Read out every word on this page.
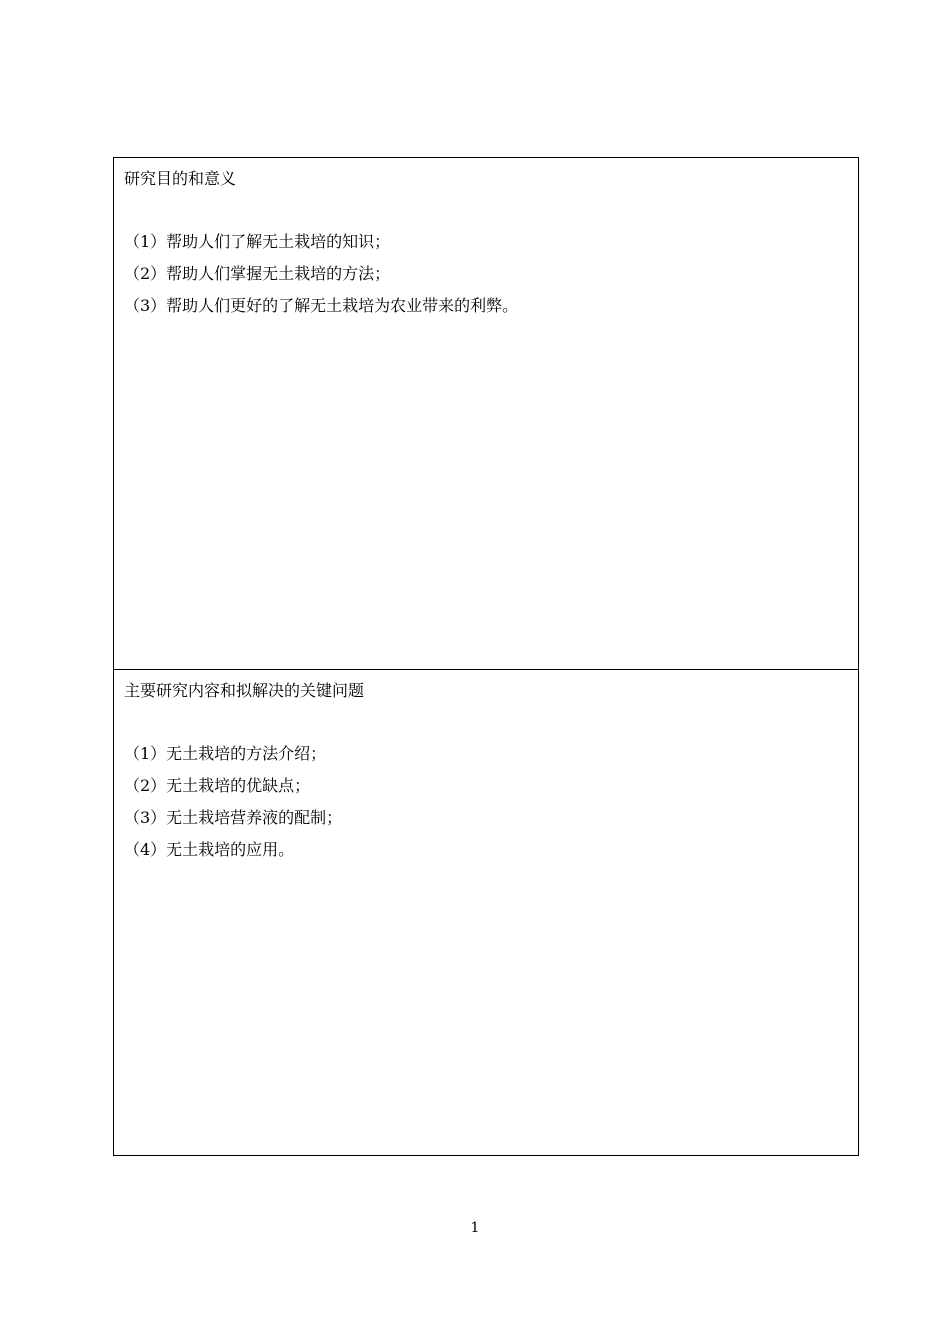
研究目的和意义
（1）帮助人们了解无土栽培的知识；
（2）帮助人们掌握无土栽培的方法；
（3）帮助人们更好的了解无土栽培为农业带来的利弊。
主要研究内容和拟解决的关键问题
（1）无土栽培的方法介绍；
（2）无土栽培的优缺点；
（3）无土栽培营养液的配制；
（4）无土栽培的应用。
1
